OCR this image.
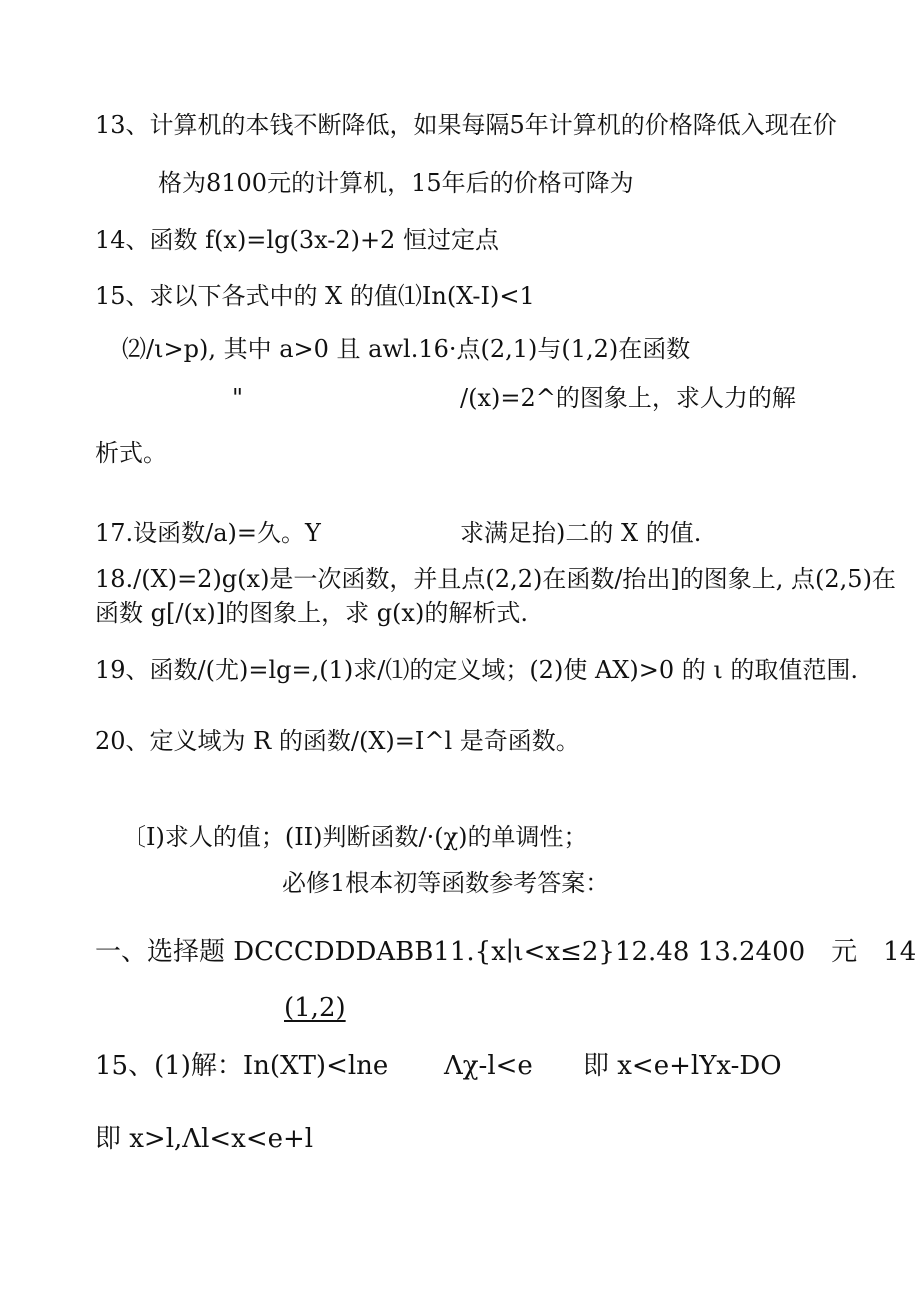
13、计算机的本钱不断降低，如果每隔5年计算机的价格降低入现在价
格为8100元的计算机，15年后的价格可降为
14、函数 f(x)=lg(3x-2)+2 恒过定点
15、求以下各式中的 X 的值⑴In(X-I)<1
⑵/ι>p), 其中 a>0 且 awl.16·点(2,1)与(1,2)在函数
"	/(x)=2^的图象上，求人力的解
析式。
17.设函数/a)=久。Y	求满足抬)二的 X 的值.
18./(X)=2)g(x)是一次函数，并且点(2,2)在函数/抬出]的图象上, 点(2,5)在
函数 g[/(x)]的图象上，求 g(x)的解析式.
19、函数/(尤)=lg=,(1)求/⑴的定义域；(2)使 AX)>0 的 ι 的取值范围.
20、定义域为 R 的函数/(X)=I^l 是奇函数。
〔I)求人的值；(II)判断函数/·(χ)的单调性；
必修1根本初等函数参考答案：
一、选择题 DCCCDDDABB11.{x∣ι<x≤2}12.48 13.2400　元　14
(1,2)
15、(1)解：In(XT)<lne Λχ-l<e 即 x<e+lYx-DO
即 x>l,Λl<x<e+l
